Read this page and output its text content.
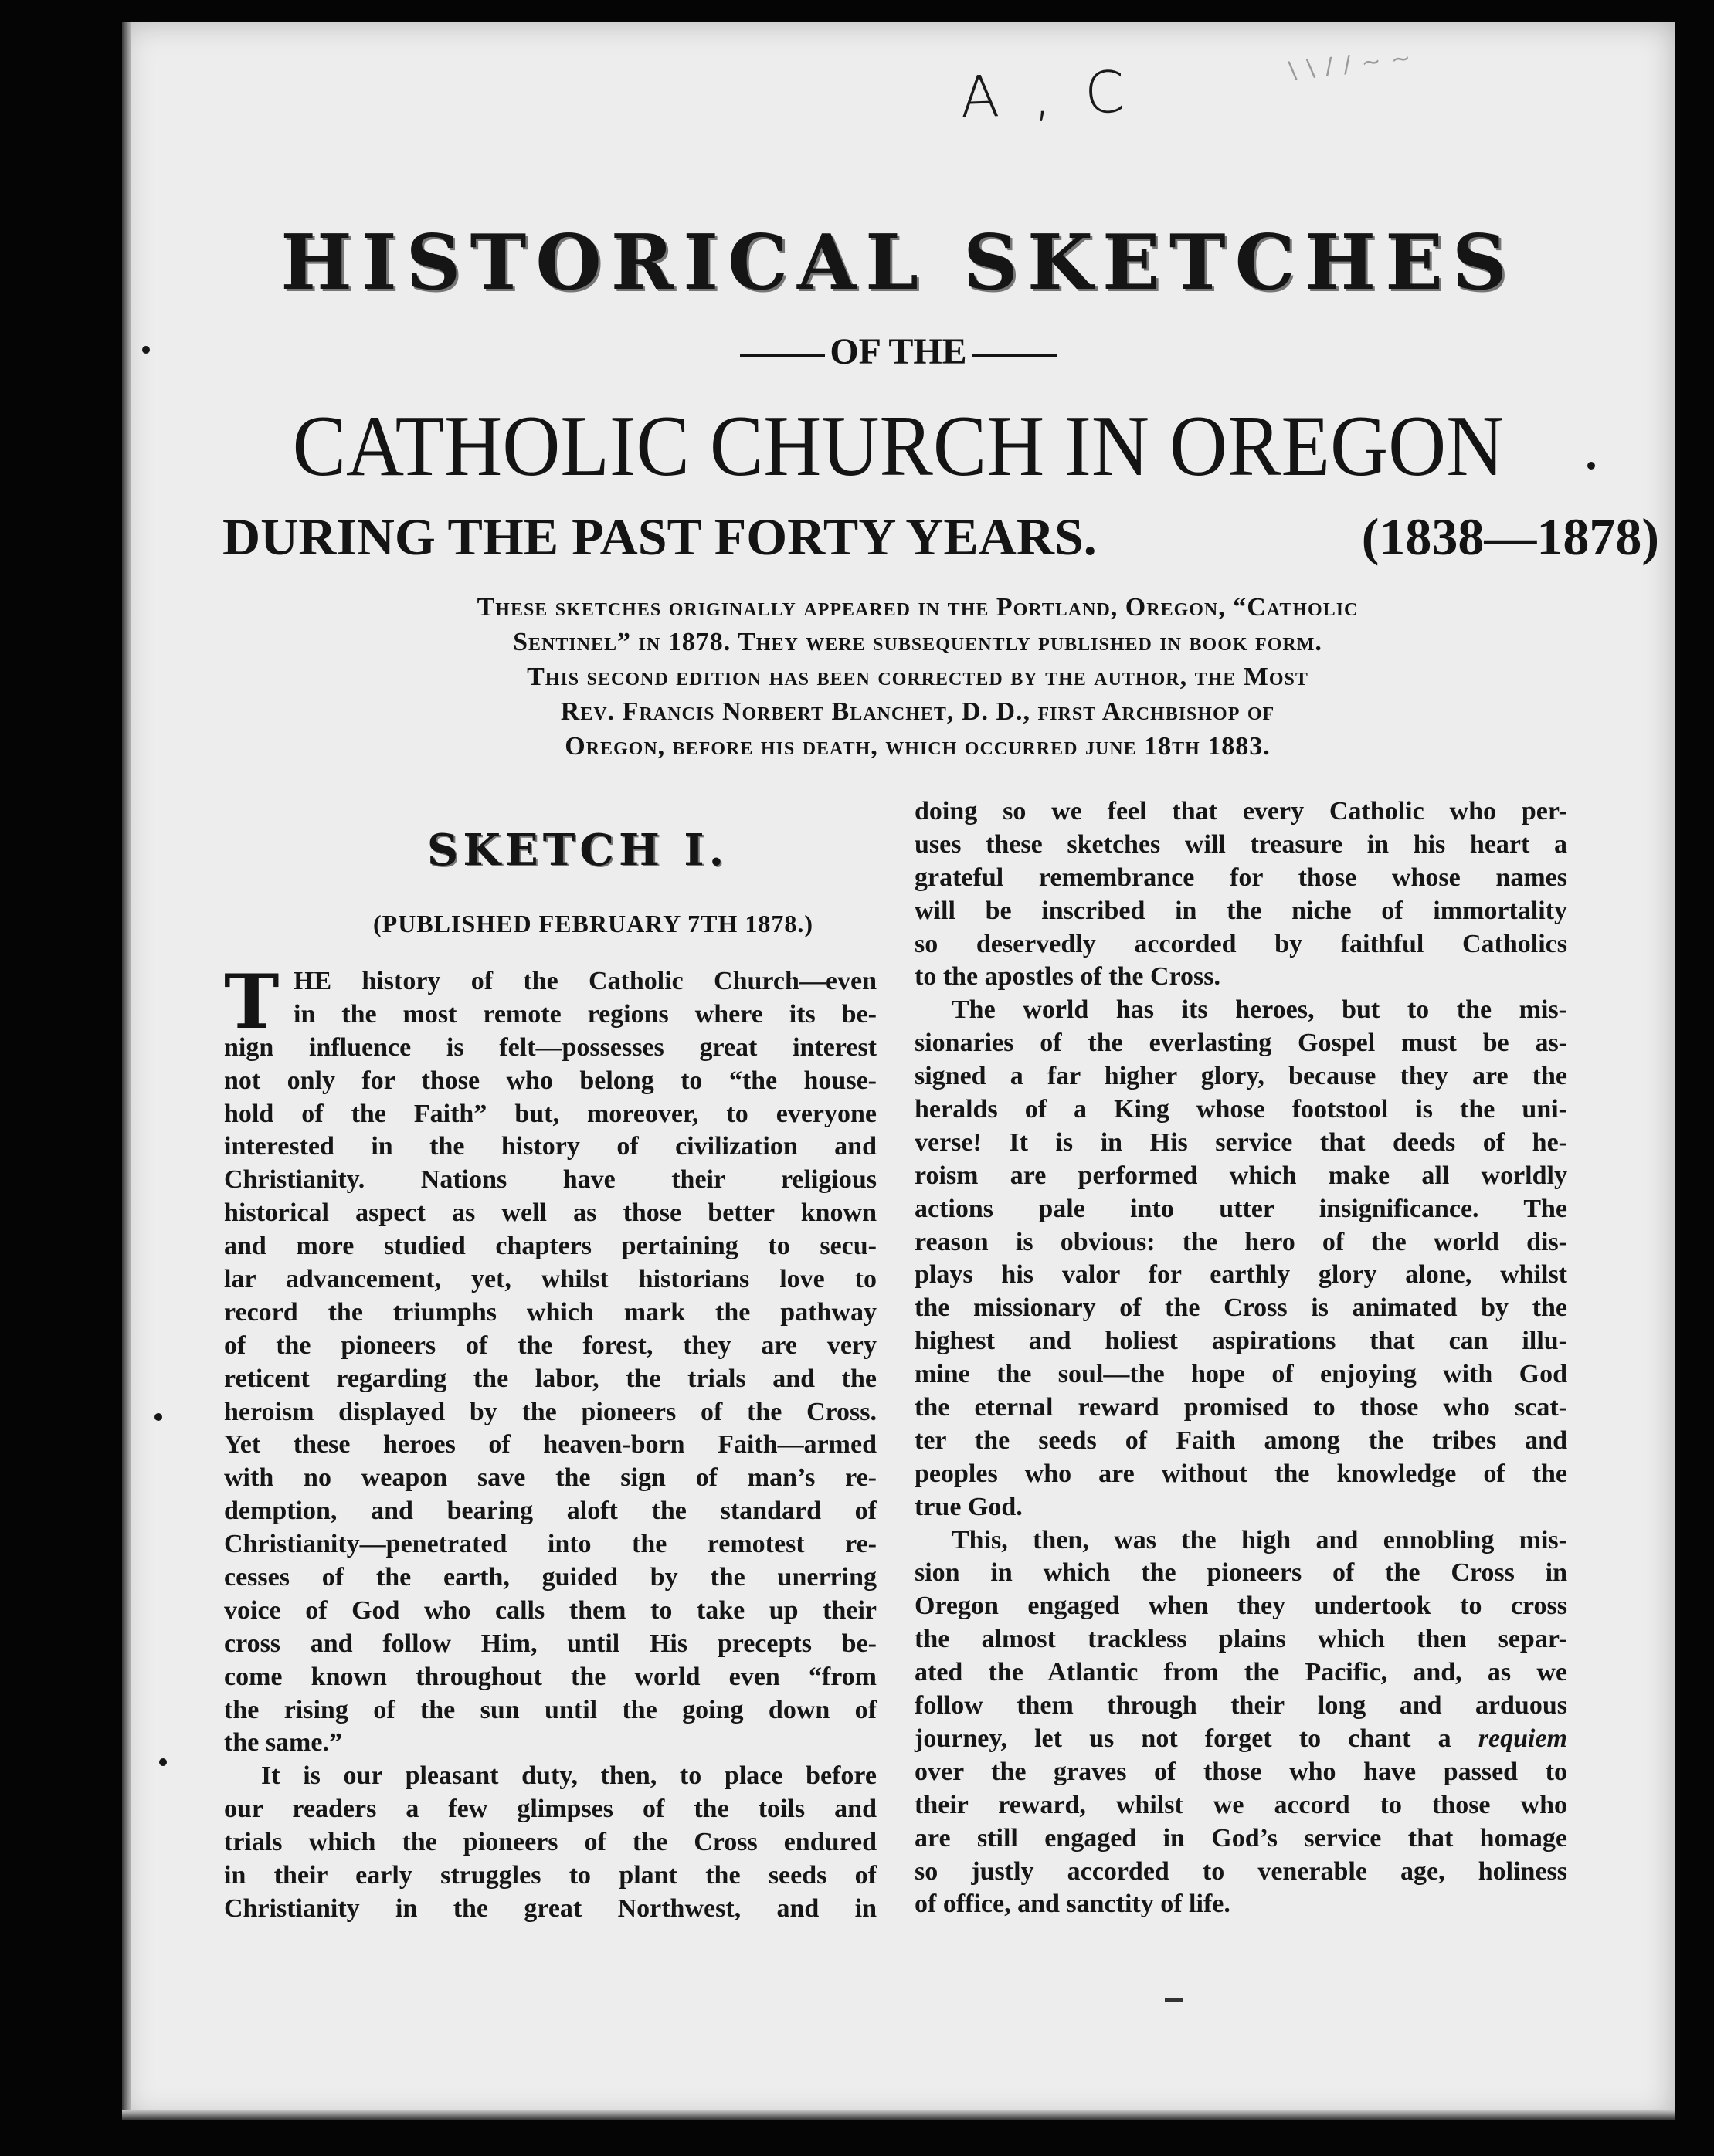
A , C	\ \ / / ~ ~
HISTORICAL SKETCHES
OF THE
CATHOLIC CHURCH IN OREGON
DURING THE PAST FORTY YEARS.	(1838—1878)
These sketches originally appeared in the Portland, Oregon, “Catholic
Sentinel” in 1878. They were subsequently published in book form.
This second edition has been corrected by the author, the Most
Rev. Francis Norbert Blanchet, D. D., first Archbishop of
Oregon, before his death, which occurred june 18th 1883.
SKETCH I.
(PUBLISHED FEBRUARY 7TH 1878.)
T HE history of the Catholic Church—even
in the most remote regions where its be-
nign influence is felt—possesses great interest
not only for those who belong to “the house-
hold of the Faith” but, moreover, to everyone
interested in the history of civilization and
Christianity. Nations have their religious
historical aspect as well as those better known
and more studied chapters pertaining to secu-
lar advancement, yet, whilst historians love to
record the triumphs which mark the pathway
of the pioneers of the forest, they are very
reticent regarding the labor, the trials and the
heroism displayed by the pioneers of the Cross.
Yet these heroes of heaven-born Faith—armed
with no weapon save the sign of man’s re-
demption, and bearing aloft the standard of
Christianity—penetrated into the remotest re-
cesses of the earth, guided by the unerring
voice of God who calls them to take up their
cross and follow Him, until His precepts be-
come known throughout the world even “from
the rising of the sun until the going down of
the same.”
It is our pleasant duty, then, to place before
our readers a few glimpses of the toils and
trials which the pioneers of the Cross endured
in their early struggles to plant the seeds of
Christianity in the great Northwest, and in
doing so we feel that every Catholic who per-
uses these sketches will treasure in his heart a
grateful remembrance for those whose names
will be inscribed in the niche of immortality
so deservedly accorded by faithful Catholics
to the apostles of the Cross.
The world has its heroes, but to the mis-
sionaries of the everlasting Gospel must be as-
signed a far higher glory, because they are the
heralds of a King whose footstool is the uni-
verse! It is in His service that deeds of he-
roism are performed which make all worldly
actions pale into utter insignificance. The
reason is obvious: the hero of the world dis-
plays his valor for earthly glory alone, whilst
the missionary of the Cross is animated by the
highest and holiest aspirations that can illu-
mine the soul—the hope of enjoying with God
the eternal reward promised to those who scat-
ter the seeds of Faith among the tribes and
peoples who are without the knowledge of the
true God.
This, then, was the high and ennobling mis-
sion in which the pioneers of the Cross in
Oregon engaged when they undertook to cross
the almost trackless plains which then separ-
ated the Atlantic from the Pacific, and, as we
follow them through their long and arduous
journey, let us not forget to chant a requiem
over the graves of those who have passed to
their reward, whilst we accord to those who
are still engaged in God’s service that homage
so justly accorded to venerable age, holiness
of office, and sanctity of life.
